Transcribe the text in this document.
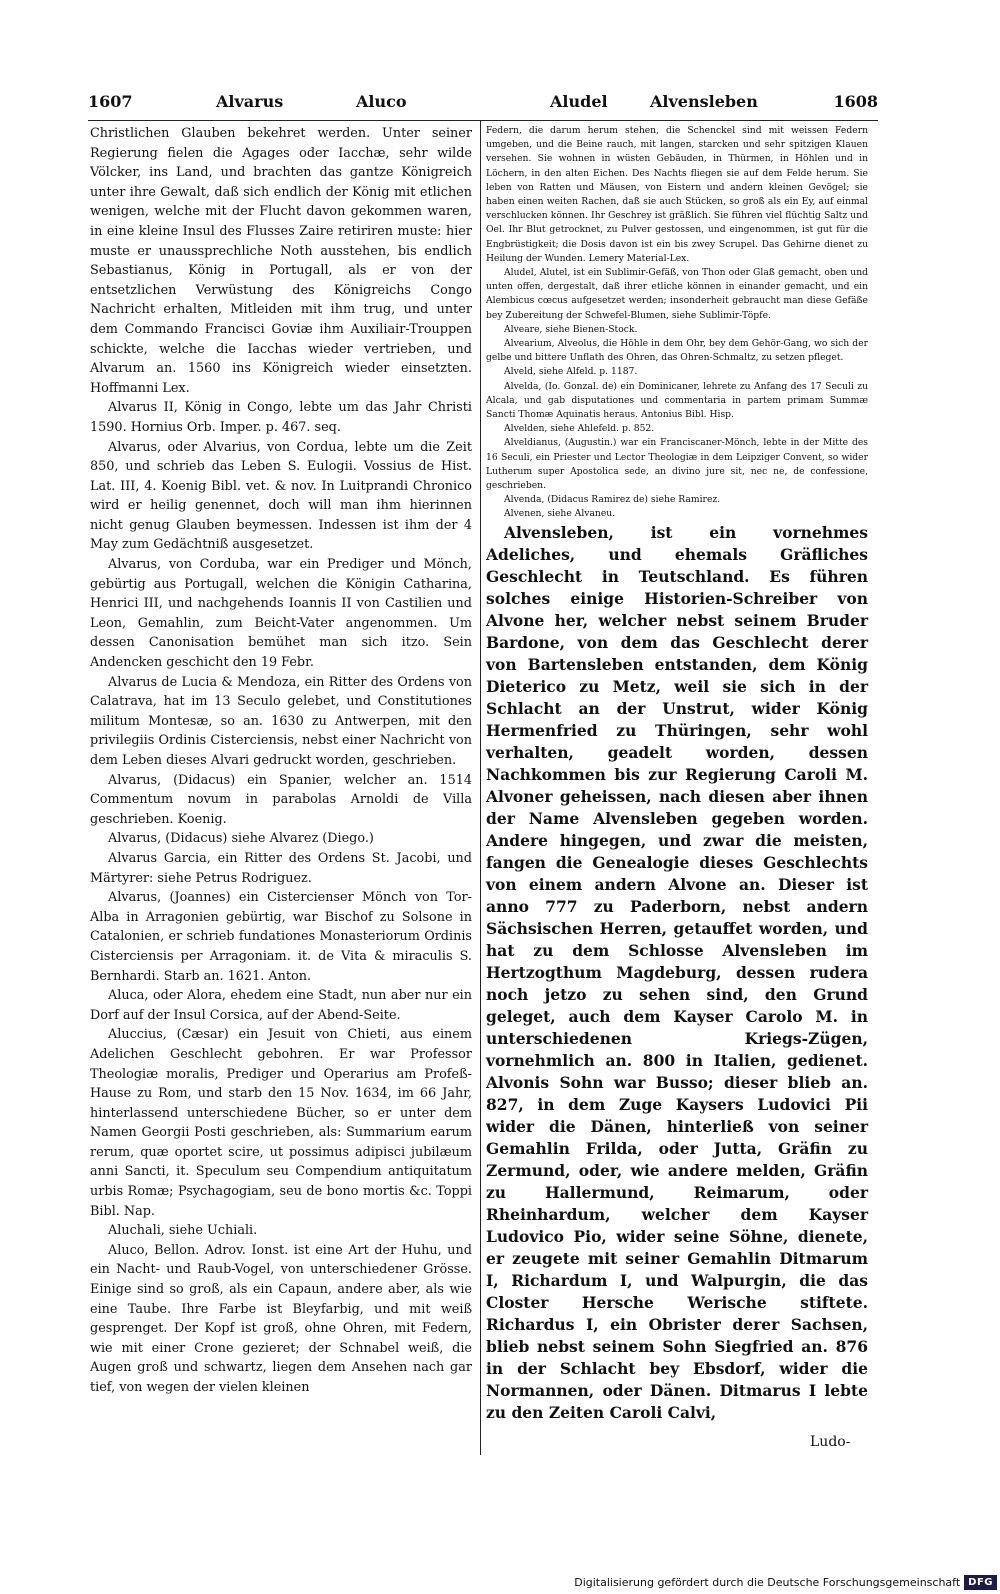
1607	Alvarus	Aluco	Aludel	Alvensleben	1608

Christlichen Glauben bekehret werden. Unter seiner Regierung fielen die Agages oder Iacchæ, sehr wilde Völcker, ins Land, und brachten das gantze Königreich unter ihre Gewalt, daß sich endlich der König mit etlichen wenigen, welche mit der Flucht davon gekommen waren, in eine kleine Insul des Flusses Zaire retiriren muste: hier muste er unaussprechliche Noth ausstehen, bis endlich Sebastianus, König in Portugall, als er von der entsetzlichen Verwüstung des Königreichs Congo Nachricht erhalten, Mitleiden mit ihm trug, und unter dem Commando Francisci Goviæ ihm Auxiliair-Trouppen schickte, welche die Iacchas wieder vertrieben, und Alvarum an. 1560 ins Königreich wieder einsetzten. Hoffmanni Lex.

Alvarus II, König in Congo, lebte um das Jahr Christi 1590. Hornius Orb. Imper. p. 467. seq.

Alvarus, oder Alvarius, von Cordua, lebte um die Zeit 850, und schrieb das Leben S. Eulogii. Vossius de Hist. Lat. III, 4. Koenig Bibl. vet. & nov. In Luitprandi Chronico wird er heilig genennet, doch will man ihm hierinnen nicht genug Glauben beymessen. Indessen ist ihm der 4 May zum Gedächtniß ausgesetzet.

Alvarus, von Corduba, war ein Prediger und Mönch, gebürtig aus Portugall, welchen die Königin Catharina, Henrici III, und nachgehends Ioannis II von Castilien und Leon, Gemahlin, zum Beicht-Vater angenommen. Um dessen Canonisation bemühet man sich itzo. Sein Andencken geschicht den 19 Febr.

Alvarus de Lucia & Mendoza, ein Ritter des Ordens von Calatrava, hat im 13 Seculo gelebet, und Constitutiones militum Montesæ, so an. 1630 zu Antwerpen, mit den privilegiis Ordinis Cisterciensis, nebst einer Nachricht von dem Leben dieses Alvari gedruckt worden, geschrieben.

Alvarus, (Didacus) ein Spanier, welcher an. 1514 Commentum novum in parabolas Arnoldi de Villa geschrieben. Koenig.

Alvarus, (Didacus) siehe Alvarez (Diego.)

Alvarus Garcia, ein Ritter des Ordens St. Jacobi, und Märtyrer: siehe Petrus Rodriguez.

Alvarus, (Joannes) ein Cistercienser Mönch von Tor-Alba in Arragonien gebürtig, war Bischof zu Solsone in Catalonien, er schrieb fundationes Monasteriorum Ordinis Cisterciensis per Arragoniam. it. de Vita & miraculis S. Bernhardi. Starb an. 1621. Anton.

Aluca, oder Alora, ehedem eine Stadt, nun aber nur ein Dorf auf der Insul Corsica, auf der Abend-Seite.

Aluccius, (Cæsar) ein Jesuit von Chieti, aus einem Adelichen Geschlecht gebohren. Er war Professor Theologiæ moralis, Prediger und Operarius am Profeß-Hause zu Rom, und starb den 15 Nov. 1634, im 66 Jahr, hinterlassend unterschiedene Bücher, so er unter dem Namen Georgii Posti geschrieben, als: Summarium earum rerum, quæ oportet scire, ut possimus adipisci jubilæum anni Sancti, it. Speculum seu Compendium antiquitatum urbis Romæ; Psychagogiam, seu de bono mortis &c. Toppi Bibl. Nap.

Aluchali, siehe Uchiali.

Aluco, Bellon. Adrov. Ionst. ist eine Art der Huhu, und ein Nacht- und Raub-Vogel, von unterschiedener Grösse. Einige sind so groß, als ein Capaun, andere aber, als wie eine Taube. Ihre Farbe ist Bleyfarbig, und mit weiß gesprenget. Der Kopf ist groß, ohne Ohren, mit Federn, wie mit einer Crone gezieret; der Schnabel weiß, die Augen groß und schwartz, liegen dem Ansehen nach gar tief, von wegen der vielen kleinen

Federn, die darum herum stehen, die Schenckel sind mit weissen Federn umgeben, und die Beine rauch, mit langen, starcken und sehr spitzigen Klauen versehen. Sie wohnen in wüsten Gebäuden, in Thürmen, in Höhlen und in Löchern, in den alten Eichen. Des Nachts fliegen sie auf dem Felde herum. Sie leben von Ratten und Mäusen, von Eistern und andern kleinen Gevögel; sie haben einen weiten Rachen, daß sie auch Stücken, so groß als ein Ey, auf einmal verschlucken können. Ihr Geschrey ist gräßlich. Sie führen viel flüchtig Saltz und Oel. Ihr Blut getrocknet, zu Pulver gestossen, und eingenommen, ist gut für die Engbrüstigkeit; die Dosis davon ist ein bis zwey Scrupel. Das Gehirne dienet zu Heilung der Wunden. Lemery Material-Lex.

Aludel, Alutel, ist ein Sublimir-Gefäß, von Thon oder Glaß gemacht, oben und unten offen, dergestalt, daß ihrer etliche können in einander gemacht, und ein Alembicus cœcus aufgesetzet werden; insonderheit gebraucht man diese Gefäße bey Zubereitung der Schwefel-Blumen, siehe Sublimir-Töpfe.

Alveare, siehe Bienen-Stock.

Alvearium, Alveolus, die Höhle in dem Ohr, bey dem Gehör-Gang, wo sich der gelbe und bittere Unflath des Ohren, das Ohren-Schmaltz, zu setzen pfleget.

Alveld, siehe Alfeld. p. 1187.

Alvelda, (Io. Gonzal. de) ein Dominicaner, lehrete zu Anfang des 17 Seculi zu Alcala, und gab disputationes und commentaria in partem primam Summæ Sancti Thomæ Aquinatis heraus. Antonius Bibl. Hisp.

Alvelden, siehe Ahlefeld. p. 852.

Alveldianus, (Augustin.) war ein Franciscaner-Mönch, lebte in der Mitte des 16 Seculi, ein Priester und Lector Theologiæ in dem Leipziger Convent, so wider Lutherum super Apostolica sede, an divino jure sit, nec ne, de confessione, geschrieben.

Alvenda, (Didacus Ramirez de) siehe Ramirez.

Alvenen, siehe Alvaneu.

Alvensleben, ist ein vornehmes Adeliches, und ehemals Gräfliches Geschlecht in Teutschland. Es führen solches einige Historien-Schreiber von Alvone her, welcher nebst seinem Bruder Bardone, von dem das Geschlecht derer von Bartensleben entstanden, dem König Dieterico zu Metz, weil sie sich in der Schlacht an der Unstrut, wider König Hermenfried zu Thüringen, sehr wohl verhalten, geadelt worden, dessen Nachkommen bis zur Regierung Caroli M. Alvoner geheissen, nach diesen aber ihnen der Name Alvensleben gegeben worden. Andere hingegen, und zwar die meisten, fangen die Genealogie dieses Geschlechts von einem andern Alvone an. Dieser ist anno 777 zu Paderborn, nebst andern Sächsischen Herren, getauffet worden, und hat zu dem Schlosse Alvensleben im Hertzogthum Magdeburg, dessen rudera noch jetzo zu sehen sind, den Grund geleget, auch dem Kayser Carolo M. in unterschiedenen Kriegs-Zügen, vornehmlich an. 800 in Italien, gedienet. Alvonis Sohn war Busso; dieser blieb an. 827, in dem Zuge Kaysers Ludovici Pii wider die Dänen, hinterließ von seiner Gemahlin Frilda, oder Jutta, Gräfin zu Zermund, oder, wie andere melden, Gräfin zu Hallermund, Reimarum, oder Rheinhardum, welcher dem Kayser Ludovico Pio, wider seine Söhne, dienete, er zeugete mit seiner Gemahlin Ditmarum I, Richardum I, und Walpurgin, die das Closter Hersche Werische stiftete. Richardus I, ein Obrister derer Sachsen, blieb nebst seinem Sohn Siegfried an. 876 in der Schlacht bey Ebsdorf, wider die Normannen, oder Dänen. Ditmarus I lebte zu den Zeiten Caroli Calvi,

Ludo-
Digitalisierung gefördert durch die Deutsche Forschungsgemeinschaft DFG
